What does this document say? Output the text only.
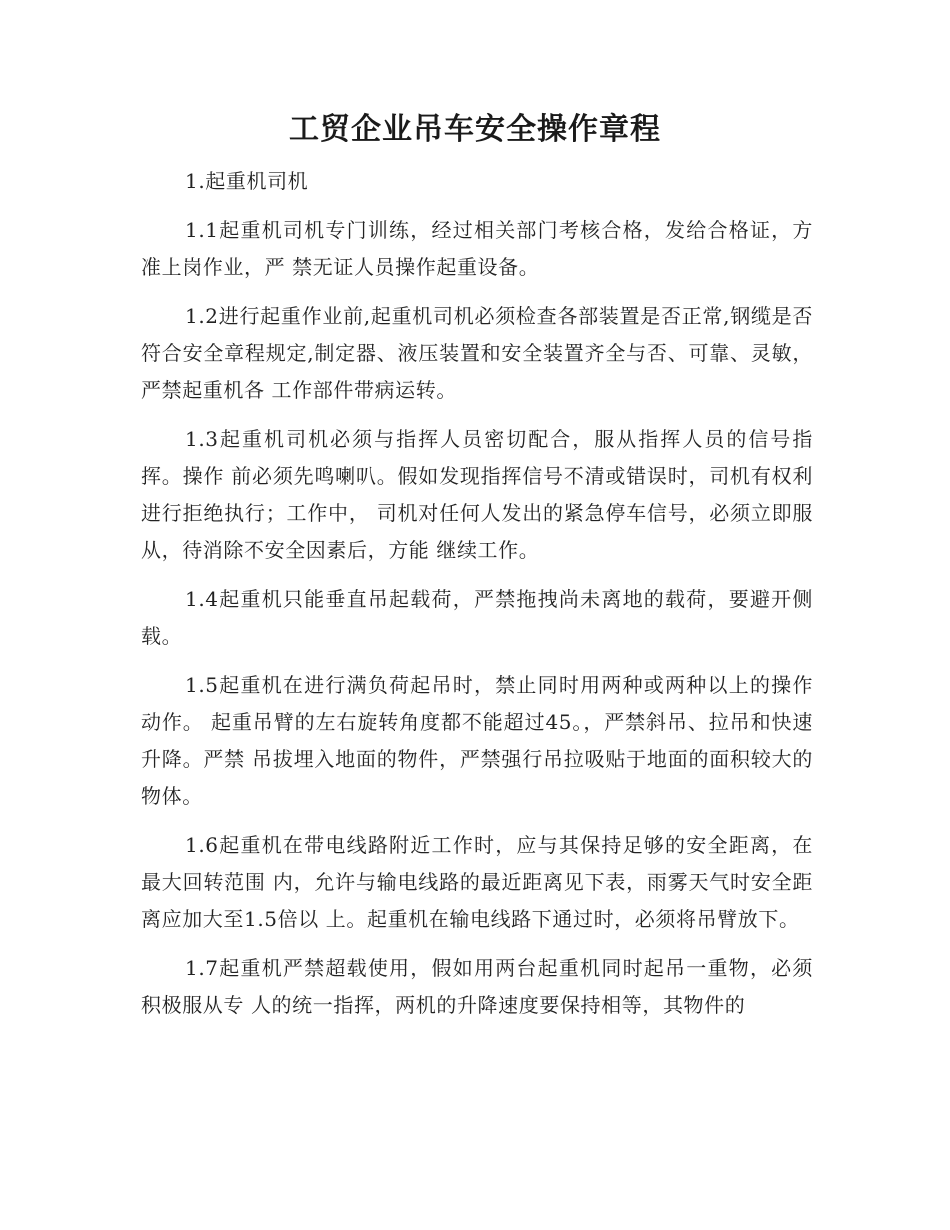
工贸企业吊车安全操作章程

1.起重机司机

1.1起重机司机专门训练，经过相关部门考核合格，发给合格证，方准上岗作业，严 禁无证人员操作起重设备。

1.2进行起重作业前,起重机司机必须检查各部装置是否正常,钢缆是否符合安全章程规定,制定器、液压装置和安全装置齐全与否、可靠、灵敏，严禁起重机各 工作部件带病运转。

1.3起重机司机必须与指挥人员密切配合，服从指挥人员的信号指挥。操作 前必须先鸣喇叭。假如发现指挥信号不清或错误时，司机有权利进行拒绝执行；工作中， 司机对任何人发出的紧急停车信号，必须立即服从，待消除不安全因素后，方能 继续工作。

1.4起重机只能垂直吊起载荷，严禁拖拽尚未离地的载荷，要避开侧载。

1.5起重机在进行满负荷起吊时，禁止同时用两种或两种以上的操作动作。 起重吊臂的左右旋转角度都不能超过45。，严禁斜吊、拉吊和快速升降。严禁 吊拔埋入地面的物件，严禁强行吊拉吸贴于地面的面积较大的物体。

1.6起重机在带电线路附近工作时，应与其保持足够的安全距离，在最大回转范围 内，允许与输电线路的最近距离见下表，雨雾天气时安全距离应加大至1.5倍以 上。起重机在输电线路下通过时，必须将吊臂放下。

1.7起重机严禁超载使用，假如用两台起重机同时起吊一重物，必须积极服从专 人的统一指挥，两机的升降速度要保持相等，其物件的
